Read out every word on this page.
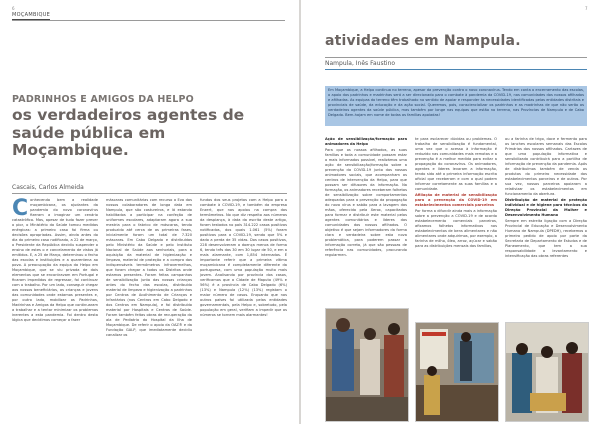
6
MOÇAMBIQUE
PADRINHOS E AMIGOS DA HELPO
os verdadeiros agentes de saúde pública em Moçambique.
Cascais, Carlos Almeida
C onhecendo bem a realidade moçambicana, os ajudantes da pandemia do novo coronavírus fizeram a imaginar um cenário catastrófico. Mas, apesar de tudo fazer prever o pior, o Ministério da Saúde tomou medidas enérgicas: a primeiro caso foi firma ou decisões apropriadas. Assim, ainda antes do dia do primeiro caso notificado, a 22 de março, o Presidente da República decidiu suspender o ensino de estes o e cancelamento de vistos já emitidos. E, a 25 de Março, determinou o fecho das escolas e instituições e a quarentena ao povo. A preocupação da equipa da Helpo em Moçambique, que se viu privada de dois elementos que se encontravam em Portugal e ficaram impedidos de regressar, foi continuar com o trabalho. Por um lado, conseguir chegar aos nossos beneficiários, as crianças e jovens das comunidades onde estamos presentes e, por outro lado, mobilizar os Padrinhos, Madrinhas e Amigos da Helpo que continuaram a trabalhar e a tentar minimizar os problemas inerentes a esta pandemia. Foi dentro desta lógica que decidimos começar a fazer
máscaras comunitárias com recurso a Eva dos nossos colaboradores de longa data em Nampula, que são costureiros, e lá estando habilitados a participar na confeção de uniformes escolares, adaptaram agora a sua mestria para o fabrico de máscaras, tendo produzido até cerca de as primeiras fases, inicialmente foram um total de 7.320 máscaras. Em Cabo Delgado e distribuídas pelo Ministério da Saúde e pelo Instituto Nacional de Saúde aos senhoriais, para a aquisição da material de higienização e limpeza, material de proteção e a compra dos indispensáveis termómetros infravermelhos, que foram chegar a todos os Distritos onde estamos presentes. Foram feitas campanhas de sensibilização junto das nossas crianças antes do fecho das escolas, distribuído material de limpeza e higienização a padrinhos por Centros de Acolhimento de Crianças e Infantários (nos Centros em Cabo Delgado e dos Centros em Nampula), e foi distribuído material por Hospitais e Centros de Saúde. Foram também feitas obras de recuperação da ala de Pediatria do Hospital da Ilha de Moçambique. De referir o apoio da OAZ® e da Fundação GALP, que imediatamente decidiu canalizar os
fundos dos seus projetos com a Helpo para o combate à COVID-19, e também da empresa Enzert, que nos apoiou na compra dos termómetros. No que diz respeito aos números da despiança, à data da escrita deste artigo, foram testados no país 314.222 casos positivos notificados, dos quais 1.061 (5%) foram positivos para a COVID-19, sendo que 5% e dado a perda de 35 vidas. Dos casos positivos, 228 desenvolveram a doença menos de forma 6, tendo três das 30 em 30 lugar de 50, e em a mais alarmante, com 1,854 internados. É importante referir que a primeira vítima moçambicana é completamente diferente da portuguesa, com uma população muito mais jovem. Analisando por província dos casos, verificamos que a Cidade de Maputo (49% e 56%) é a província de Cabo Delgado (6%) (13%) e Nampula (12%) (13%) registam o maior número de casos. Enquanto que nos outros países foi utilizada pelas entidades governamentais, pela Helpo e, sobretudo, pela população em geral, verifiam a impedir que os números se tornem mais alarmantes!
7
atividades em Nampula.
Nampula, Inês Faustino
Em Moçambique, a Helpo continua no terreno, apesar da prevenção contra o novo coronavírus. Tendo em conta o encerramento das escolas, o apoio dos padrinhos e madrinhas será a ser direcionado para o combate à pandemia da COVID-19, nas comunidades dos nossos afilhados e afilhadas. As equipas do terreno têm trabalhado no sentido de apoiar e responder às necessidades identificadas pelas entidades distritais e provinciais de saúde, da educação e da ação social. Queremos, pois, consciencializar os padrinhos e as madrinhas de que não serão os verdadeiros agentes da saúde pública, mas também por longe nas equipas que estão no terreno, nas Províncias de Nampula e de Cabo Delgado. Bem-hajam em nome de todas as famílias apoiadas!

Ação de sensibilização/formação para animadores da Helpo

Para que os nossos afilhados, as suas famílias e toda a comunidade possam estar o mais informados possível, realizámos uma ação de sensibilização/formação sobre a prevenção da COVID-19 junto dos nossos animadores sociais, que acompanham os centros de intervenção da Helpo, para que possam ser difusores da informação. Na formação, os animadores receberam folhetos de sensibilização sobre comportamentos adequados para a prevenção da propagação do novo vírus e sabão para a lavagem das mãos, oferecido pela Xerox, capacitados para formar e distribuir este material pelos agentes comunitários e líderes das comunidades dos nossos afilhados. O objetivo é que sejam informadores da forma clara e verdadeira sobre esta nova problemática, para poderem passar a informação correta, já que são pessoas de referência nas comunidades, procurando regularmen-

te para esclarecer dúvidas ou problemas. O trabalho de sensibilização é fundamental, uma vez que o acesso à informação é reduzido nas comunidades mais remotas e a prevenção é a melhor medida para evitar a propagação do coronavírus. Os animadores, agentes e líderes levaram a informação, tendo sido até a primeira informação escrita oficial que receberam e com a qual podem informar corretamente as suas famílias e a comunidade.

Afiliação de material de sensibilização para a prevenção da COVID-19 em estabelecimentos comerciais parceiros

Por forma a difundir ainda mais a informação sobre a prevenção a COVID-19 e de acordo estabelecemento comerciais parceiros, afixamos folhetos informativos nos estabelecimentos de bens alimentares e não alimentares onde adquirimos, por exemplo, a farinha de milho, óleo, arroz, açúcar e sabão para as distribuições mensais das famílias,

ou a farinha de trigo, doce e fermento para os lanches escolares semanais das Escolas Primárias dos nossos afilhados. Cartazes de que uma população informativa e sensibilizada contribuirá para a partilha de informação de prevenção da pandemia. Após de distribuímos também de venda os produtos do primeiro necessidade dos estabelecimentos parceiros e de outros. Por sua vez, nossos parceiros apoiaram a relativizar os estabelecimentos em funcionamento da abertura.

Distribuição de material de proteção individual e de higiene para técnicos da Direção Provincial da Mulher e Desenvolvimento Humano

Sempre em estreita ligação com a Direção Provincial de Educação e Desenvolvimento Humano de Nampula (DPEDH), recebemos o primeiro pedido de apoio por parte da Secretaria de Departamento de Estudos e de Planeamento, que tem a sua responsabilidade o levantamento e intensificação das obras referentes
